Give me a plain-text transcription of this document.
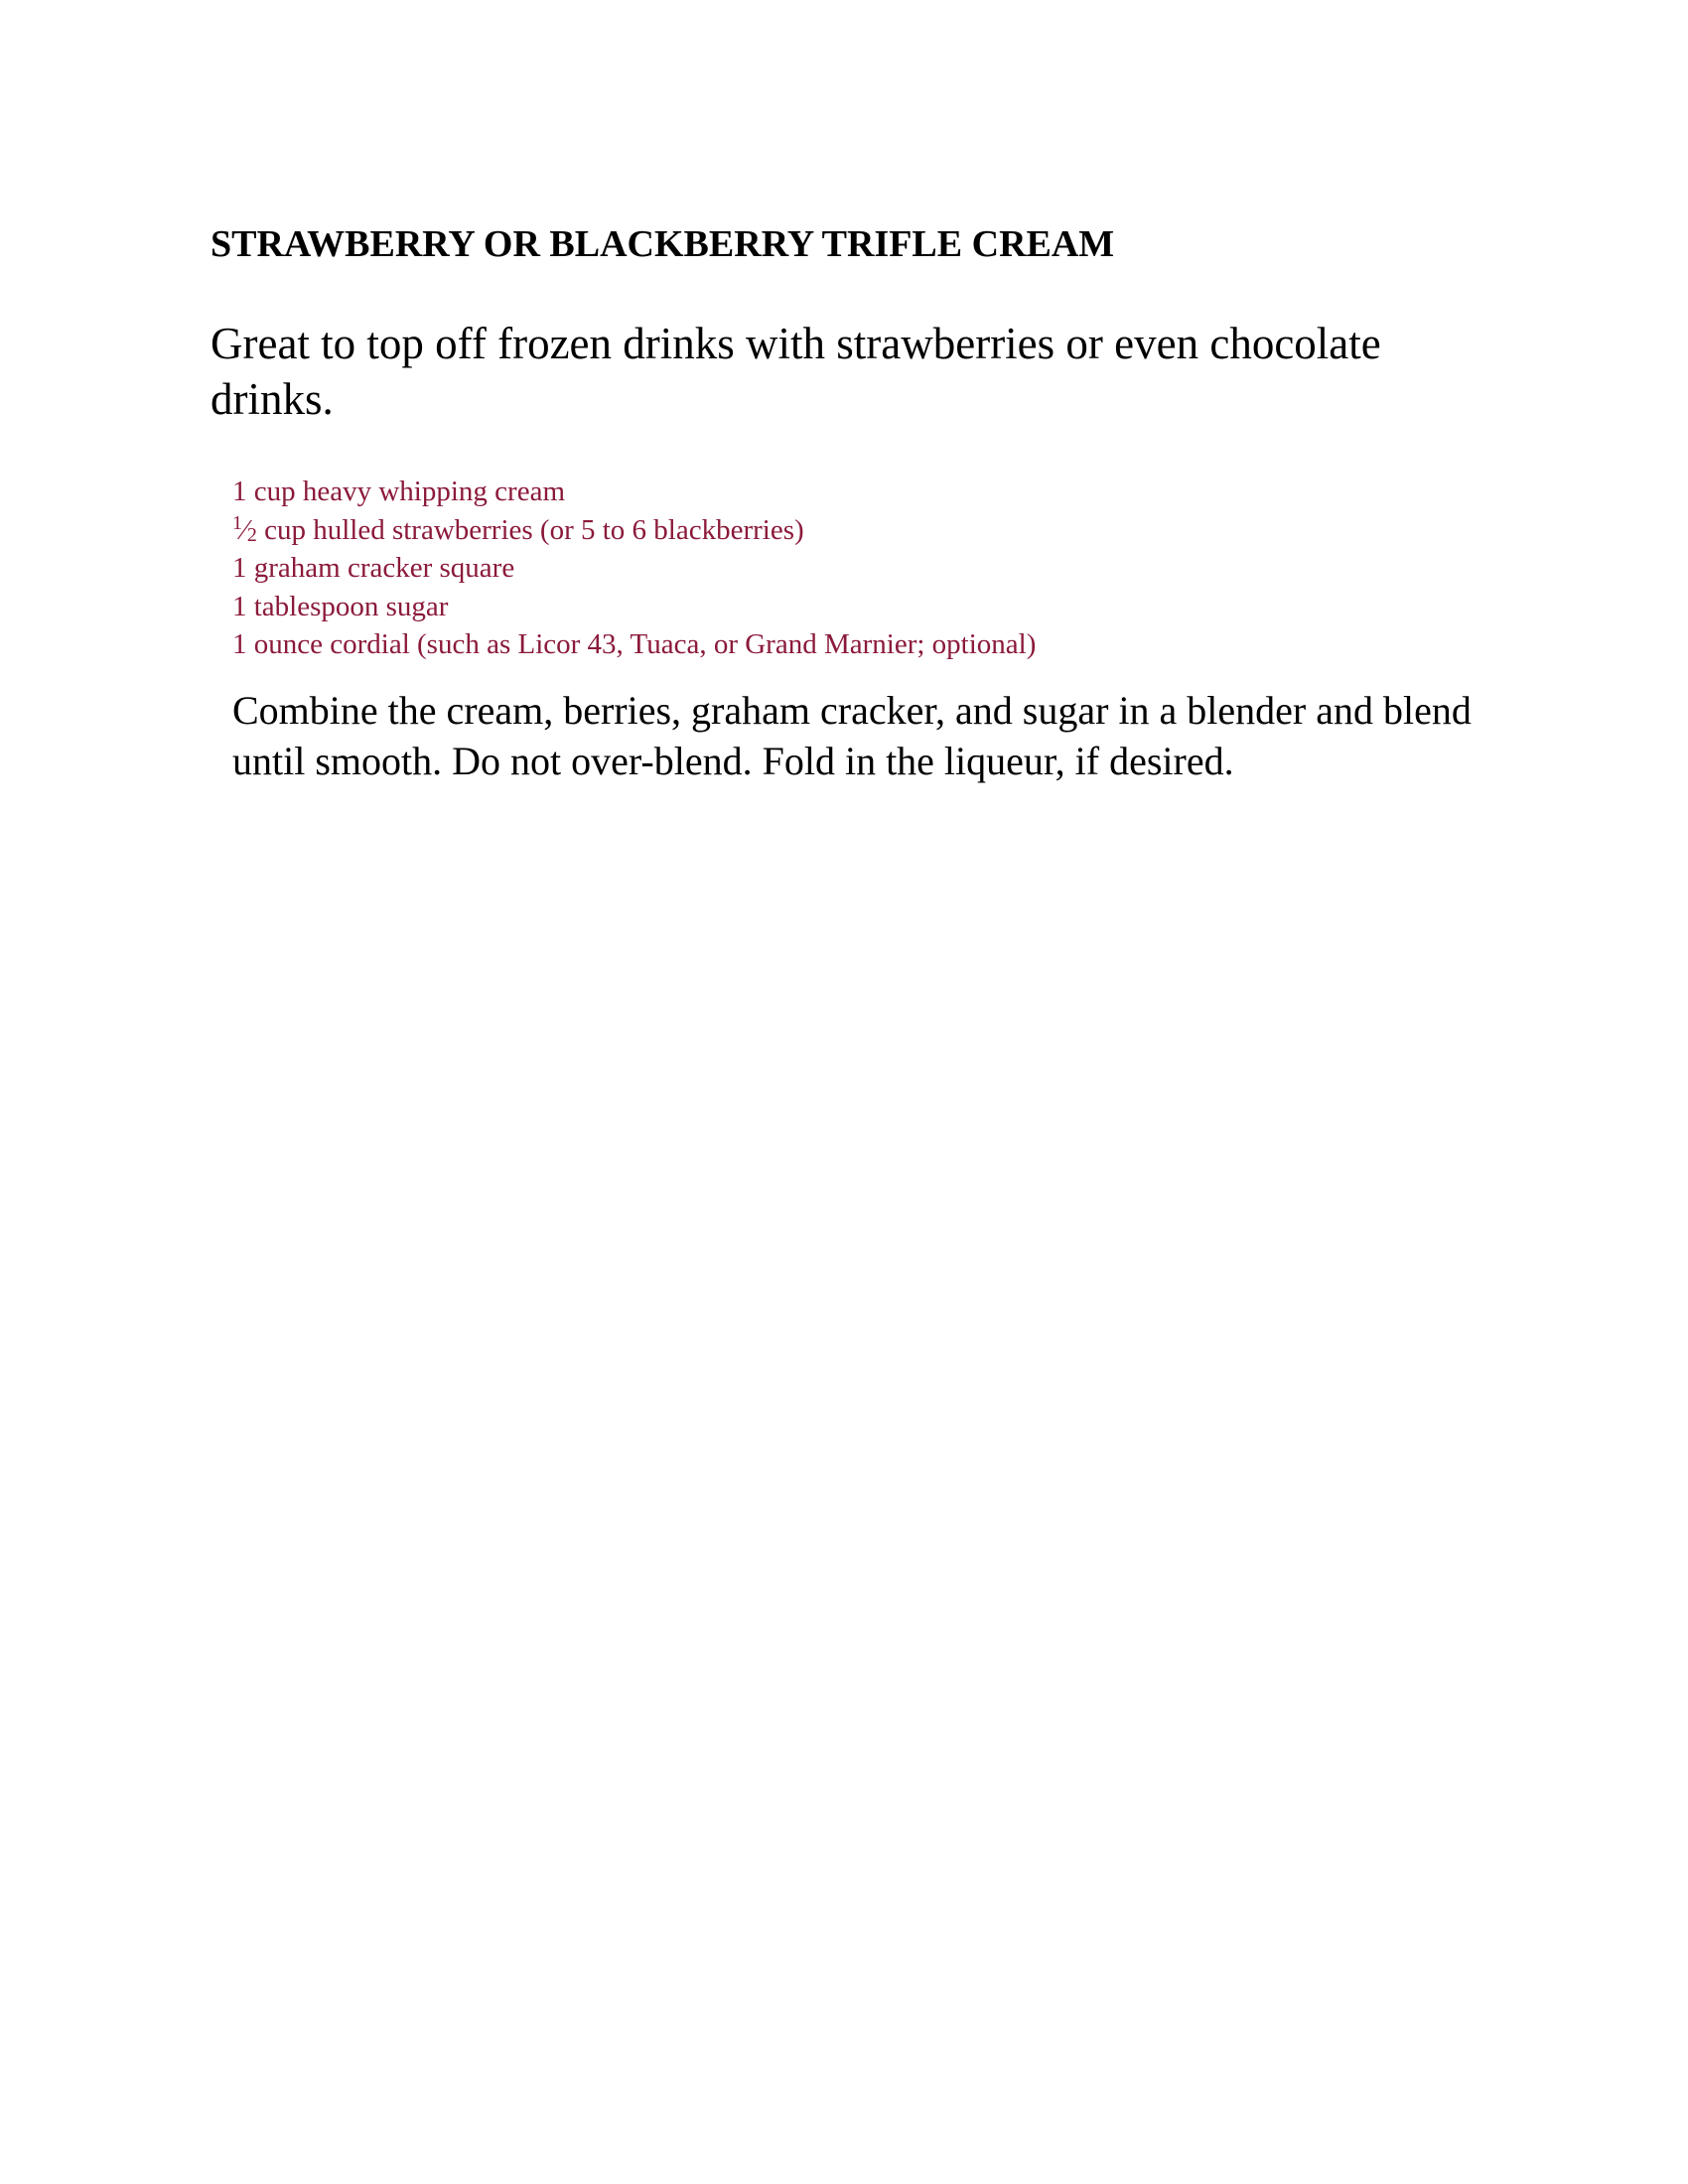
STRAWBERRY OR BLACKBERRY TRIFLE CREAM

Great to top off frozen drinks with strawberries or even chocolate drinks.

1 cup heavy whipping cream
$^1⁄_2$ cup hulled strawberries (or 5 to 6 blackberries)
1 graham cracker square
1 tablespoon sugar
1 ounce cordial (such as Licor 43, Tuaca, or Grand Marnier; optional)

Combine the cream, berries, graham cracker, and sugar in a blender and blend until smooth. Do not over-blend. Fold in the liqueur, if desired.
